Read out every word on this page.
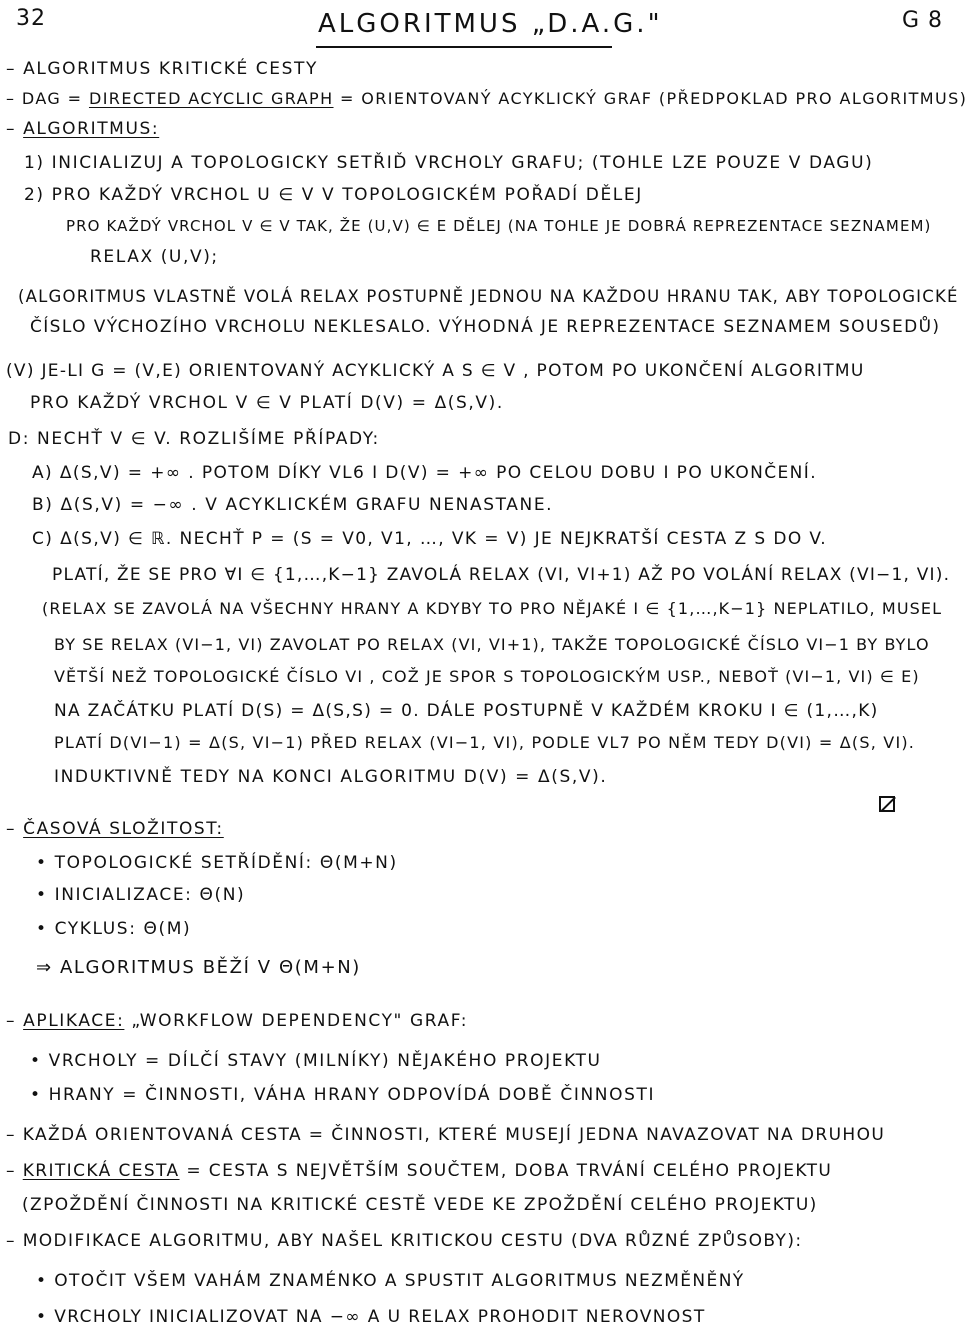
32	ALGORITMUS „D.A.G."	G 8
– ALGORITMUS KRITICKÉ CESTY
– DAG = DIRECTED ACYCLIC GRAPH = ORIENTOVANÝ ACYKLICKÝ GRAF (PŘEDPOKLAD PRO ALGORITMUS)
– ALGORITMUS:
1) INICIALIZUJ A TOPOLOGICKY SETŘIĎ VRCHOLY GRAFU; (TOHLE LZE POUZE V DAGU)
2) PRO KAŽDÝ VRCHOL U ∈ V V TOPOLOGICKÉM POŘADÍ DĚLEJ
PRO KAŽDÝ VRCHOL V ∈ V TAK, ŽE (U,V) ∈ E DĚLEJ (NA TOHLE JE DOBRÁ REPREZENTACE SEZNAMEM)
RELAX (U,V);
(ALGORITMUS VLASTNĚ VOLÁ RELAX POSTUPNĚ JEDNOU NA KAŽDOU HRANU TAK, ABY TOPOLOGICKÉ
ČÍSLO VÝCHOZÍHO VRCHOLU NEKLESALO. VÝHODNÁ JE REPREZENTACE SEZNAMEM SOUSEDŮ)
(V) JE-LI G = (V,E) ORIENTOVANÝ ACYKLICKÝ A S ∈ V , POTOM PO UKONČENÍ ALGORITMU
PRO KAŽDÝ VRCHOL V ∈ V PLATÍ D(V) = Δ(S,V).
D: NECHŤ V ∈ V. ROZLIŠÍME PŘÍPADY:
A) Δ(S,V) = +∞ . POTOM DÍKY VL6 I D(V) = +∞ PO CELOU DOBU I PO UKONČENÍ.
B) Δ(S,V) = −∞ . V ACYKLICKÉM GRAFU NENASTANE.
C) Δ(S,V) ∈ ℝ. NECHŤ P = (S = V0, V1, …, VK = V) JE NEJKRATŠÍ CESTA Z S DO V.
PLATÍ, ŽE SE PRO ∀I ∈ {1,…,K−1} ZAVOLÁ RELAX (VI, VI+1) AŽ PO VOLÁNÍ RELAX (VI−1, VI).
(RELAX SE ZAVOLÁ NA VŠECHNY HRANY A KDYBY TO PRO NĚJAKÉ I ∈ {1,…,K−1} NEPLATILO, MUSEL
BY SE RELAX (VI−1, VI) ZAVOLAT PO RELAX (VI, VI+1), TAKŽE TOPOLOGICKÉ ČÍSLO VI−1 BY BYLO
VĚTŠÍ NEŽ TOPOLOGICKÉ ČÍSLO VI , COŽ JE SPOR S TOPOLOGICKÝM USP., NEBOŤ (VI−1, VI) ∈ E)
NA ZAČÁTKU PLATÍ D(S) = Δ(S,S) = 0. DÁLE POSTUPNĚ V KAŽDÉM KROKU I ∈ (1,…,K)
PLATÍ D(VI−1) = Δ(S, VI−1) PŘED RELAX (VI−1, VI), PODLE VL7 PO NĚM TEDY D(VI) = Δ(S, VI).
INDUKTIVNĚ TEDY NA KONCI ALGORITMU D(V) = Δ(S,V).
– ČASOVÁ SLOŽITOST:
• TOPOLOGICKÉ SETŘÍDĚNÍ: Θ(M+N)
• INICIALIZACE: Θ(N)
• CYKLUS: Θ(M)
⇒ ALGORITMUS BĚŽÍ V Θ(M+N)
– APLIKACE: „WORKFLOW DEPENDENCY" GRAF:
• VRCHOLY = DÍLČÍ STAVY (MILNÍKY) NĚJAKÉHO PROJEKTU
• HRANY = ČINNOSTI, VÁHA HRANY ODPOVÍDÁ DOBĚ ČINNOSTI
– KAŽDÁ ORIENTOVANÁ CESTA = ČINNOSTI, KTERÉ MUSEJÍ JEDNA NAVAZOVAT NA DRUHOU
– KRITICKÁ CESTA = CESTA S NEJVĚTŠÍM SOUČTEM, DOBA TRVÁNÍ CELÉHO PROJEKTU
(ZPOŽDĚNÍ ČINNOSTI NA KRITICKÉ CESTĚ VEDE KE ZPOŽDĚNÍ CELÉHO PROJEKTU)
– MODIFIKACE ALGORITMU, ABY NAŠEL KRITICKOU CESTU (DVA RŮZNÉ ZPŮSOBY):
• OTOČIT VŠEM VAHÁM ZNAMÉNKO A SPUSTIT ALGORITMUS NEZMĚNĚNÝ
• VRCHOLY INICIALIZOVAT NA −∞ A U RELAX PROHODIT NEROVNOST
